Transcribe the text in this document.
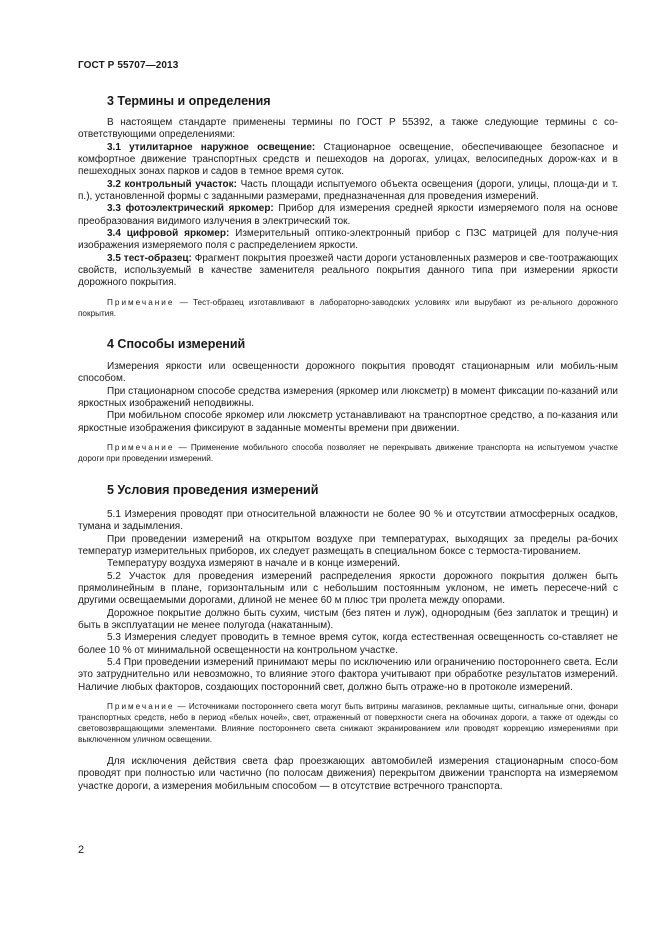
ГОСТ Р 55707—2013
3 Термины и определения

В настоящем стандарте применены термины по ГОСТ Р 55392, а также следующие термины с со-ответствующими определениями:

3.1 утилитарное наружное освещение: Стационарное освещение, обеспечивающее безопасное и комфортное движение транспортных средств и пешеходов на дорогах, улицах, велосипедных дорож-ках и в пешеходных зонах парков и садов в темное время суток.

3.2 контрольный участок: Часть площади испытуемого объекта освещения (дороги, улицы, площа-ди и т. п.), установленной формы с заданными размерами, предназначенная для проведения измерений.

3.3 фотоэлектрический яркомер: Прибор для измерения средней яркости измеряемого поля на основе преобразования видимого излучения в электрический ток.

3.4 цифровой яркомер: Измерительный оптико-электронный прибор с ПЗС матрицей для получе-ния изображения измеряемого поля с распределением яркости.

3.5 тест-образец: Фрагмент покрытия проезжей части дороги установленных размеров и све-тоотражающих свойств, используемый в качестве заменителя реального покрытия данного типа при измерении яркости дорожного покрытия.

Примечание — Тест-образец изготавливают в лабораторно-заводских условиях или вырубают из ре-ального дорожного покрытия.

4 Способы измерений

Измерения яркости или освещенности дорожного покрытия проводят стационарным или мобиль-ным способом.

При стационарном способе средства измерения (яркомер или люксметр) в момент фиксации по-казаний или яркостных изображений неподвижны.

При мобильном способе яркомер или люксметр устанавливают на транспортное средство, а по-казания или яркостные изображения фиксируют в заданные моменты времени при движении.

Примечание — Применение мобильного способа позволяет не перекрывать движение транспорта на испытуемом участке дороги при проведении измерений.

5 Условия проведения измерений

5.1 Измерения проводят при относительной влажности не более 90 % и отсутствии атмосферных осадков, тумана и задымления.

При проведении измерений на открытом воздухе при температурах, выходящих за пределы ра-бочих температур измерительных приборов, их следует размещать в специальном боксе с термоста-тированием.

Температуру воздуха измеряют в начале и в конце измерений.

5.2 Участок для проведения измерений распределения яркости дорожного покрытия должен быть прямолинейным в плане, горизонтальным или с небольшим постоянным уклоном, не иметь пересече-ний с другими освещаемыми дорогами, длиной не менее 60 м плюс три пролета между опорами.

Дорожное покрытие должно быть сухим, чистым (без пятен и луж), однородным (без заплаток и трещин) и быть в эксплуатации не менее полугода (накатанным).

5.3 Измерения следует проводить в темное время суток, когда естественная освещенность со-ставляет не более 10 % от минимальной освещенности на контрольном участке.

5.4 При проведении измерений принимают меры по исключению или ограничению постороннего света. Если это затруднительно или невозможно, то влияние этого фактора учитывают при обработке результатов измерений. Наличие любых факторов, создающих посторонний свет, должно быть отраже-но в протоколе измерений.

Примечание — Источниками постороннего света могут быть витрины магазинов, рекламные щиты, сигнальные огни, фонари транспортных средств, небо в период «белых ночей», свет, отраженный от поверхности снега на обочинах дороги, а также от одежды со световозвращающими элементами. Влияние постороннего света снижают экранированием или проводят коррекцию измерениями при выключенном уличном освещении.

Для исключения действия света фар проезжающих автомобилей измерения стационарным спосо-бом проводят при полностью или частично (по полосам движения) перекрытом движении транспорта на измеряемом участке дороги, а измерения мобильным способом — в отсутствие встречного транспорта.

2
